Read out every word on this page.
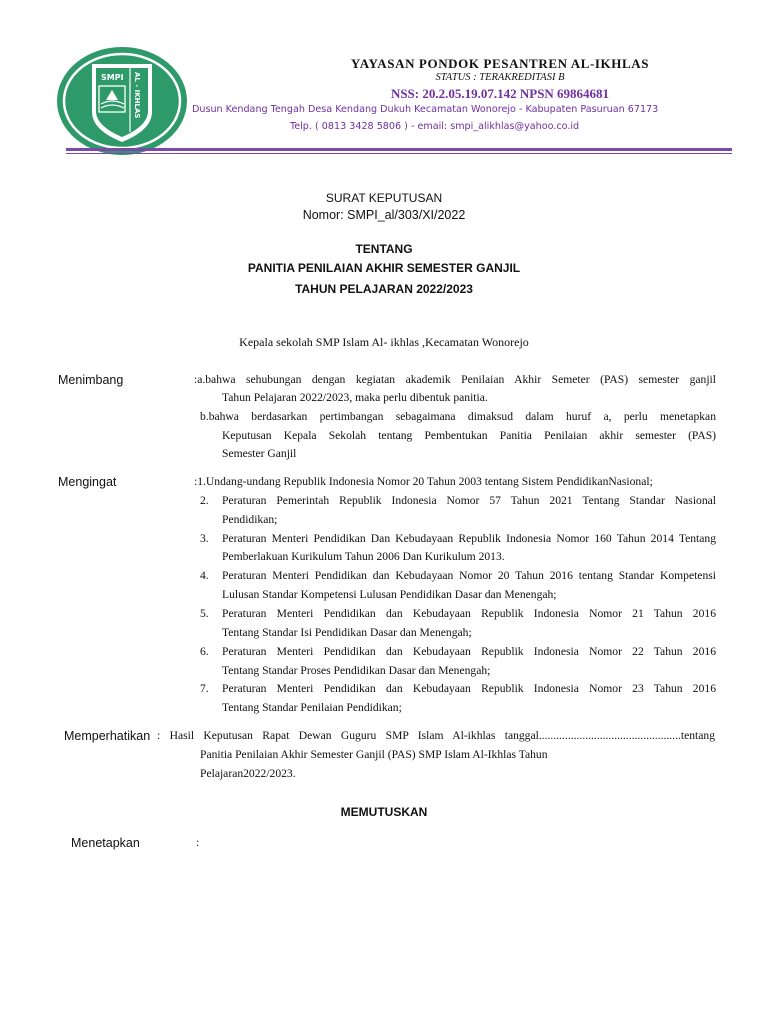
SMPI AL - IKHLAS
YAYASAN PONDOK PESANTREN AL-IKHLAS
STATUS : TERAKREDITASI B
NSS: 20.2.05.19.07.142 NPSN 69864681
Dusun Kendang Tengah Desa Kendang Dukuh Kecamatan Wonorejo - Kabupaten Pasuruan 67173
Telp. ( 0813 3428 5806 ) - email: smpi_alikhlas@yahoo.co.id
SURAT KEPUTUSAN
Nomor: SMPI_al/303/XI/2022
TENTANG
PANITIA PENILAIAN AKHIR SEMESTER GANJIL
TAHUN PELAJARAN 2022/2023
Kepala sekolah SMP Islam Al- ikhlas ,Kecamatan Wonorejo
Menimbang	:a.bahwa sehubungan dengan kegiatan akademik Penilaian Akhir Semeter (PAS) semester ganjil
Tahun Pelajaran 2022/2023, maka perlu dibentuk panitia.
b.bahwa berdasarkan pertimbangan sebagaimana dimaksud dalam huruf a, perlu menetapkan
Keputusan Kepala Sekolah tentang Pembentukan Panitia Penilaian akhir semester (PAS)
Semester Ganjil
Mengingat	:1.Undang-undang Republik Indonesia Nomor 20 Tahun 2003 tentang Sistem PendidikanNasional;
2. Peraturan Pemerintah Republik Indonesia Nomor 57 Tahun 2021 Tentang Standar Nasional
Pendidikan;
3. Peraturan Menteri Pendidikan Dan Kebudayaan Republik Indonesia Nomor 160 Tahun 2014 Tentang
Pemberlakuan Kurikulum Tahun 2006 Dan Kurikulum 2013.
4. Peraturan Menteri Pendidikan dan Kebudayaan Nomor 20 Tahun 2016 tentang Standar Kompetensi
Lulusan Standar Kompetensi Lulusan Pendidikan Dasar dan Menengah;
5. Peraturan Menteri Pendidikan dan Kebudayaan Republik Indonesia Nomor 21 Tahun 2016
Tentang Standar Isi Pendidikan Dasar dan Menengah;
6. Peraturan Menteri Pendidikan dan Kebudayaan Republik Indonesia Nomor 22 Tahun 2016
Tentang Standar Proses Pendidikan Dasar dan Menengah;
7. Peraturan Menteri Pendidikan dan Kebudayaan Republik Indonesia Nomor 23 Tahun 2016
Tentang Standar Penilaian Pendidikan;
Memperhatikan : Hasil Keputusan Rapat Dewan Guguru SMP Islam Al-ikhlas tanggal.................................................tentang
Panitia Penilaian Akhir Semester Ganjil (PAS) SMP Islam Al-Ikhlas Tahun
Pelajaran2022/2023.
MEMUTUSKAN
Menetapkan	:
